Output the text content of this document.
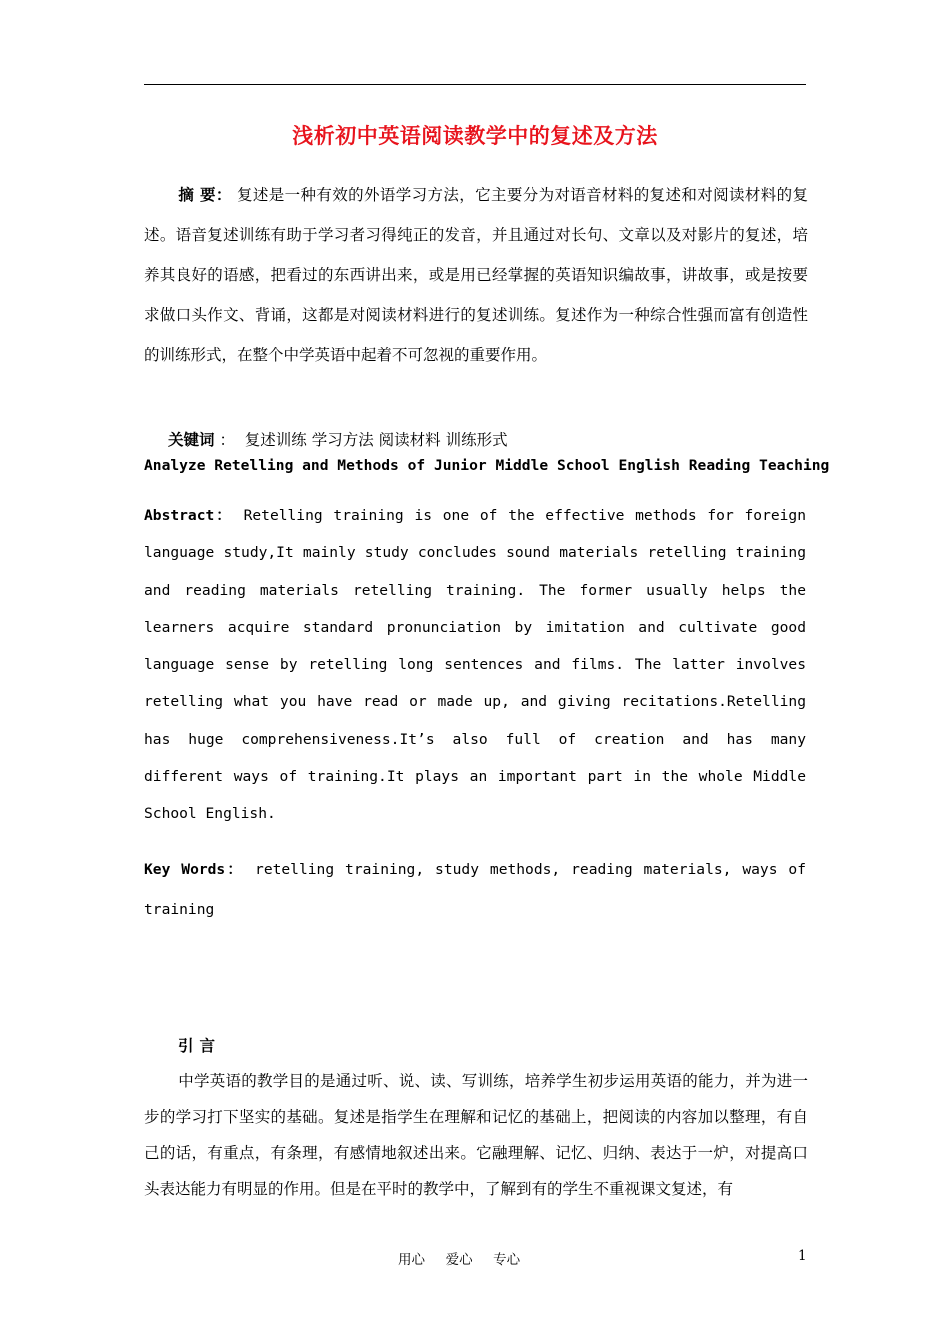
浅析初中英语阅读教学中的复述及方法
摘 要： 复述是一种有效的外语学习方法，它主要分为对语音材料的复述和对阅读材料的复述。语音复述训练有助于学习者习得纯正的发音，并且通过对长句、文章以及对影片的复述，培养其良好的语感，把看过的东西讲出来，或是用已经掌握的英语知识编故事，讲故事，或是按要求做口头作文、背诵，这都是对阅读材料进行的复述训练。复述作为一种综合性强而富有创造性的训练形式，在整个中学英语中起着不可忽视的重要作用。
关键词 ：  复述训练 学习方法 阅读材料 训练形式
Analyze Retelling and Methods of Junior Middle School English Reading Teaching
Abstract： Retelling training is one of the effective methods for foreign language study,It mainly study concludes sound materials retelling training and reading materials retelling training. The former usually helps the learners acquire standard pronunciation by imitation and cultivate good language sense by retelling long sentences and films. The latter involves retelling what you have read or made up, and giving recitations.Retelling has huge comprehensiveness.It’s also full of creation and has many different ways of training.It plays an important part in the whole Middle School English.
Key Words： retelling training, study methods, reading materials, ways of training
引言
中学英语的教学目的是通过听、说、读、写训练，培养学生初步运用英语的能力，并为进一步的学习打下坚实的基础。复述是指学生在理解和记忆的基础上，把阅读的内容加以整理，有自己的话，有重点，有条理，有感情地叙述出来。它融理解、记忆、归纳、表达于一炉，对提高口头表达能力有明显的作用。但是在平时的教学中，了解到有的学生不重视课文复述，有
用心  爱心  专心	1
